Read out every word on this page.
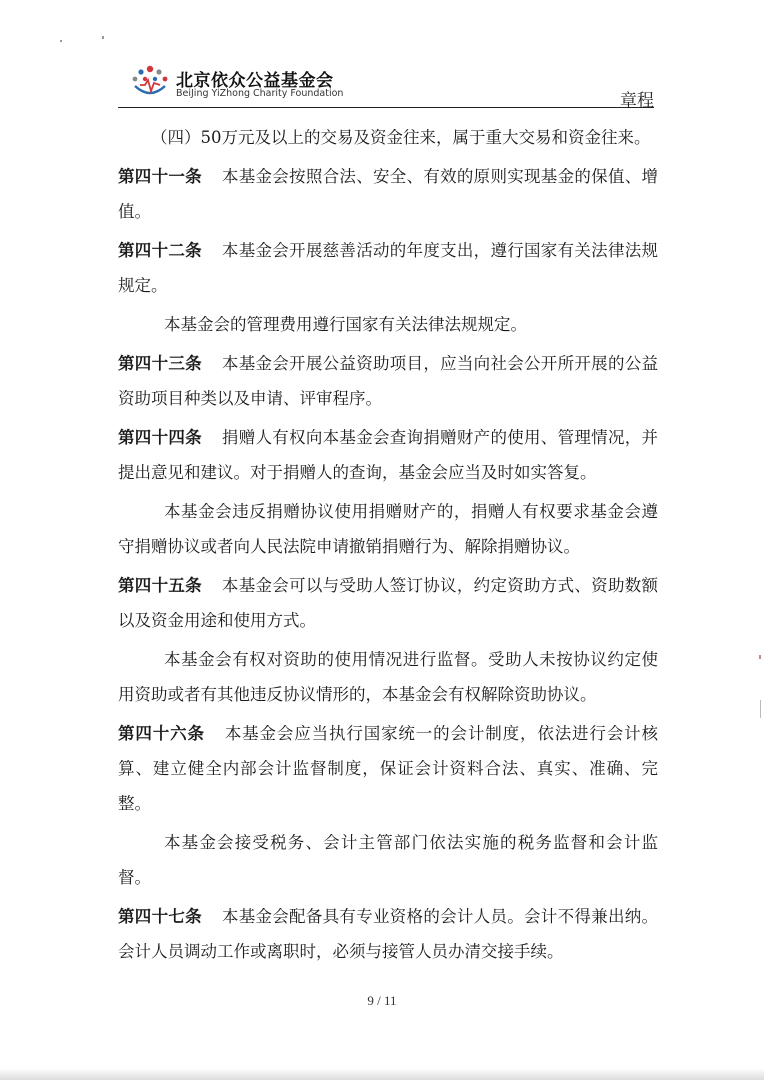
北京依众公益基金会
BeiJing YiZhong Charity Foundation	章程

（四）50万元及以上的交易及资金往来，属于重大交易和资金往来。

第四十一条 本基金会按照合法、安全、有效的原则实现基金的保值、增值。

第四十二条 本基金会开展慈善活动的年度支出，遵行国家有关法律法规规定。

本基金会的管理费用遵行国家有关法律法规规定。

第四十三条 本基金会开展公益资助项目，应当向社会公开所开展的公益资助项目种类以及申请、评审程序。

第四十四条 捐赠人有权向本基金会查询捐赠财产的使用、管理情况，并提出意见和建议。对于捐赠人的查询，基金会应当及时如实答复。

本基金会违反捐赠协议使用捐赠财产的，捐赠人有权要求基金会遵守捐赠协议或者向人民法院申请撤销捐赠行为、解除捐赠协议。

第四十五条 本基金会可以与受助人签订协议，约定资助方式、资助数额以及资金用途和使用方式。

本基金会有权对资助的使用情况进行监督。受助人未按协议约定使用资助或者有其他违反协议情形的，本基金会有权解除资助协议。

第四十六条 本基金会应当执行国家统一的会计制度，依法进行会计核算、建立健全内部会计监督制度，保证会计资料合法、真实、准确、完整。

本基金会接受税务、会计主管部门依法实施的税务监督和会计监督。

第四十七条 本基金会配备具有专业资格的会计人员。会计不得兼出纳。会计人员调动工作或离职时，必须与接管人员办清交接手续。

9 / 11
